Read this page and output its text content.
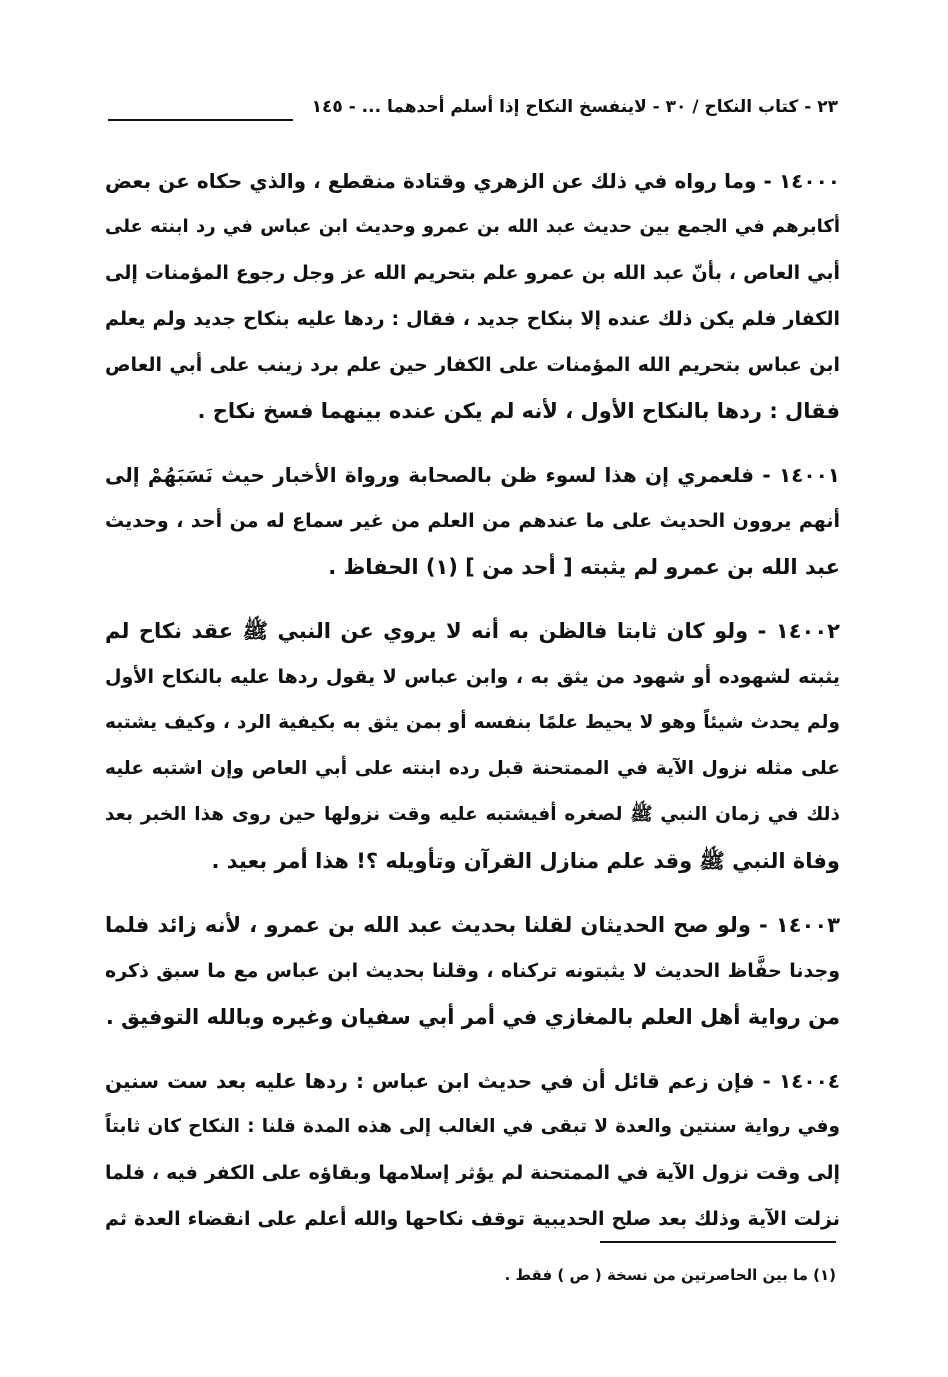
٢٣ - كتاب النكاح / ٣٠ - لاينفسخ النكاح إذا أسلم أحدهما ... - ١٤٥
١٤٠٠٠ - وما رواه في ذلك عن الزهري وقتادة منقطع ، والذي حكاه عن بعض
أكابرهم في الجمع بين حديث عبد الله بن عمرو وحديث ابن عباس في رد ابنته على
أبي العاص ، بأنّ عبد الله بن عمرو علم بتحريم الله عز وجل رجوع المؤمنات إلى
الكفار فلم يكن ذلك عنده إلا بنكاح جديد ، فقال : ردها عليه بنكاح جديد ولم يعلم
ابن عباس بتحريم الله المؤمنات على الكفار حين علم برد زينب على أبي العاص
فقال : ردها بالنكاح الأول ، لأنه لم يكن عنده بينهما فسخ نكاح .
١٤٠٠١ - فلعمري إن هذا لسوء ظن بالصحابة ورواة الأخبار حيث نَسَبَهُمْ إلى
أنهم يروون الحديث على ما عندهم من العلم من غير سماع له من أحد ، وحديث
عبد الله بن عمرو لم يثبته [ أحد من ] (١) الحفاظ .
١٤٠٠٢ - ولو كان ثابتا فالظن به أنه لا يروي عن النبي ﷺ عقد نكاح لم
يثبته لشهوده أو شهود من يثق به ، وابن عباس لا يقول ردها عليه بالنكاح الأول
ولم يحدث شيئاً وهو لا يحيط علمًا بنفسه أو بمن يثق به بكيفية الرد ، وكيف يشتبه
على مثله نزول الآية في الممتحنة قبل رده ابنته على أبي العاص وإن اشتبه عليه
ذلك في زمان النبي ﷺ لصغره أفيشتبه عليه وقت نزولها حين روى هذا الخبر بعد
وفاة النبي ﷺ وقد علم منازل القرآن وتأويله ؟! هذا أمر بعيد .
١٤٠٠٣ - ولو صح الحديثان لقلنا بحديث عبد الله بن عمرو ، لأنه زائد فلما
وجدنا حفَّاظ الحديث لا يثبتونه تركناه ، وقلنا بحديث ابن عباس مع ما سبق ذكره
من رواية أهل العلم بالمغازي في أمر أبي سفيان وغيره وبالله التوفيق .
١٤٠٠٤ - فإن زعم قائل أن في حديث ابن عباس : ردها عليه بعد ست سنين
وفي رواية سنتين والعدة لا تبقى في الغالب إلى هذه المدة قلنا : النكاح كان ثابتاً
إلى وقت نزول الآية في الممتحنة لم يؤثر إسلامها وبقاؤه على الكفر فيه ، فلما
نزلت الآية وذلك بعد صلح الحديبية توقف نكاحها والله أعلم على انقضاء العدة ثم
(١) ما بين الحاصرتين من نسخة ( ص ) فقط .
